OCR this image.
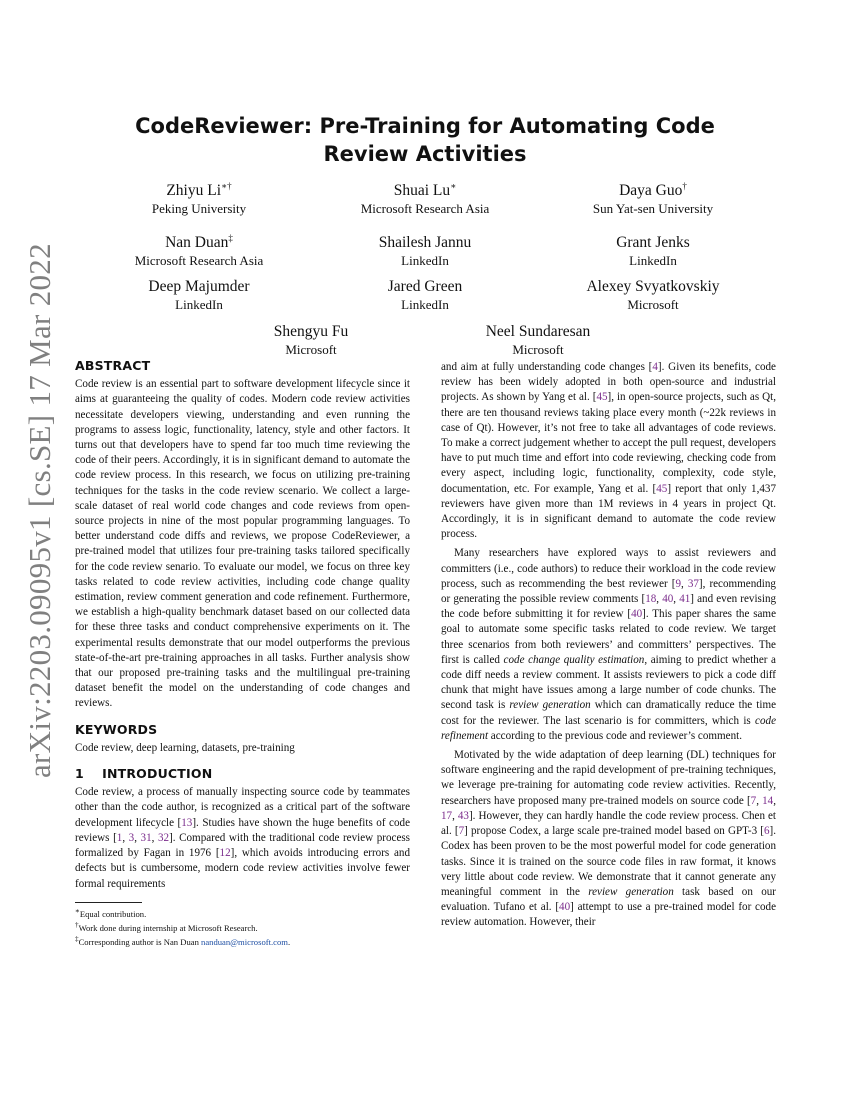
arXiv:2203.09095v1 [cs.SE] 17 Mar 2022
CodeReviewer: Pre-Training for Automating Code Review Activities
Zhiyu Li∗†
Peking University
Shuai Lu∗
Microsoft Research Asia
Daya Guo†
Sun Yat-sen University
Nan Duan‡
Microsoft Research Asia
Shailesh Jannu
LinkedIn
Grant Jenks
LinkedIn
Deep Majumder
LinkedIn
Jared Green
LinkedIn
Alexey Svyatkovskiy
Microsoft
Shengyu Fu
Microsoft
Neel Sundaresan
Microsoft
ABSTRACT

Code review is an essential part to software development lifecycle since it aims at guaranteeing the quality of codes. Modern code review activities necessitate developers viewing, understanding and even running the programs to assess logic, functionality, latency, style and other factors. It turns out that developers have to spend far too much time reviewing the code of their peers. Accordingly, it is in significant demand to automate the code review process. In this research, we focus on utilizing pre-training techniques for the tasks in the code review scenario. We collect a large-scale dataset of real world code changes and code reviews from open-source projects in nine of the most popular programming languages. To better understand code diffs and reviews, we propose CodeReviewer, a pre-trained model that utilizes four pre-training tasks tailored specifically for the code review senario. To evaluate our model, we focus on three key tasks related to code review activities, including code change quality estimation, review comment generation and code refinement. Furthermore, we establish a high-quality benchmark dataset based on our collected data for these three tasks and conduct comprehensive experiments on it. The experimental results demonstrate that our model outperforms the previous state-of-the-art pre-training approaches in all tasks. Further analysis show that our proposed pre-training tasks and the multilingual pre-training dataset benefit the model on the understanding of code changes and reviews.

KEYWORDS

Code review, deep learning, datasets, pre-training

1    INTRODUCTION

Code review, a process of manually inspecting source code by teammates other than the code author, is recognized as a critical part of the software development lifecycle [13]. Studies have shown the huge benefits of code reviews [1, 3, 31, 32]. Compared with the traditional code review process formalized by Fagan in 1976 [12], which avoids introducing errors and defects but is cumbersome, modern code review activities involve fewer formal requirements

∗Equal contribution.
†Work done during internship at Microsoft Research.
‡Corresponding author is Nan Duan nanduan@microsoft.com.

and aim at fully understanding code changes [4]. Given its benefits, code review has been widely adopted in both open-source and industrial projects. As shown by Yang et al. [45], in open-source projects, such as Qt, there are ten thousand reviews taking place every month (~22k reviews in case of Qt). However, it’s not free to take all advantages of code reviews. To make a correct judgement whether to accept the pull request, developers have to put much time and effort into code reviewing, checking code from every aspect, including logic, functionality, complexity, code style, documentation, etc. For example, Yang et al. [45] report that only 1,437 reviewers have given more than 1M reviews in 4 years in project Qt. Accordingly, it is in significant demand to automate the code review process.

Many researchers have explored ways to assist reviewers and committers (i.e., code authors) to reduce their workload in the code review process, such as recommending the best reviewer [9, 37], recommending or generating the possible review comments [18, 40, 41] and even revising the code before submitting it for review [40]. This paper shares the same goal to automate some specific tasks related to code review. We target three scenarios from both reviewers’ and committers’ perspectives. The first is called code change quality estimation, aiming to predict whether a code diff needs a review comment. It assists reviewers to pick a code diff chunk that might have issues among a large number of code chunks. The second task is review generation which can dramatically reduce the time cost for the reviewer. The last scenario is for committers, which is code refinement according to the previous code and reviewer’s comment.

Motivated by the wide adaptation of deep learning (DL) techniques for software engineering and the rapid development of pre-training techniques, we leverage pre-training for automating code review activities. Recently, researchers have proposed many pre-trained models on source code [7, 14, 17, 43]. However, they can hardly handle the code review process. Chen et al. [7] propose Codex, a large scale pre-trained model based on GPT-3 [6]. Codex has been proven to be the most powerful model for code generation tasks. Since it is trained on the source code files in raw format, it knows very little about code review. We demonstrate that it cannot generate any meaningful comment in the review generation task based on our evaluation. Tufano et al. [40] attempt to use a pre-trained model for code review automation. However, their
